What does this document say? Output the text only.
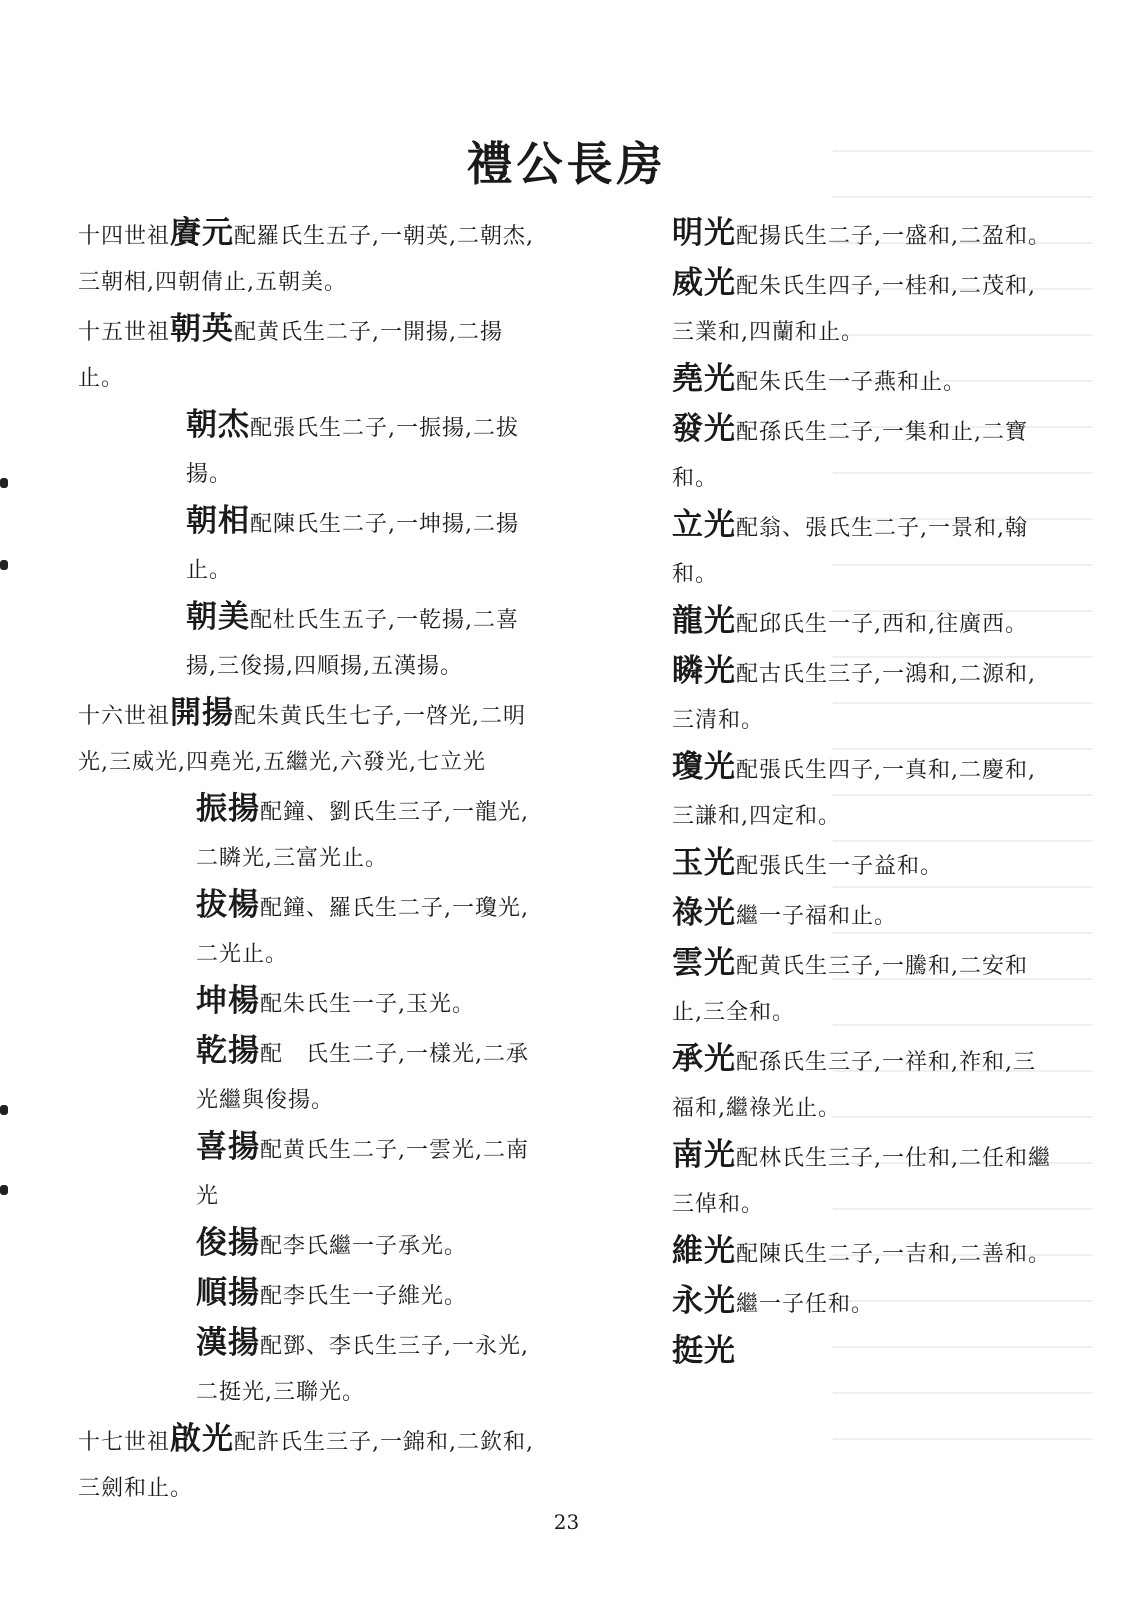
禮公長房
十四世祖賡元配羅氏生五子,一朝英,二朝杰,三朝相,四朝倩止,五朝美。
十五世祖朝英配黄氏生二子,一開揚,二揚止。
朝杰配張氏生二子,一振揚,二拔揚。
朝相配陳氏生二子,一坤揚,二揚止。
朝美配杜氏生五子,一乾揚,二喜揚,三俊揚,四順揚,五漢揚。
十六世祖開揚配朱黄氏生七子,一啓光,二明光,三威光,四堯光,五繼光,六發光,七立光
振揚配鐘、劉氏生三子,一龍光,二瞵光,三富光止。
拔楊配鐘、羅氏生二子,一瓊光,二光止。
坤楊配朱氏生一子,玉光。
乾揚配　氏生二子,一樣光,二承光繼與俊揚。
喜揚配黄氏生二子,一雲光,二南光
俊揚配李氏繼一子承光。
順揚配李氏生一子維光。
漢揚配鄧、李氏生三子,一永光,二挺光,三聯光。
十七世祖啟光配許氏生三子,一錦和,二欽和,三劍和止。
明光配揚氏生二子,一盛和,二盈和。
威光配朱氏生四子,一桂和,二茂和,三業和,四蘭和止。
堯光配朱氏生一子燕和止。
發光配孫氏生二子,一集和止,二寶和。
立光配翁、張氏生二子,一景和,翰和。
龍光配邱氏生一子,西和,往廣西。
瞵光配古氏生三子,一鴻和,二源和,三清和。
瓊光配張氏生四子,一真和,二慶和,三謙和,四定和。
玉光配張氏生一子益和。
祿光繼一子福和止。
雲光配黄氏生三子,一騰和,二安和止,三全和。
承光配孫氏生三子,一祥和,祚和,三福和,繼祿光止。
南光配林氏生三子,一仕和,二任和繼三倬和。
維光配陳氏生二子,一吉和,二善和。
永光繼一子任和。
挺光
23
